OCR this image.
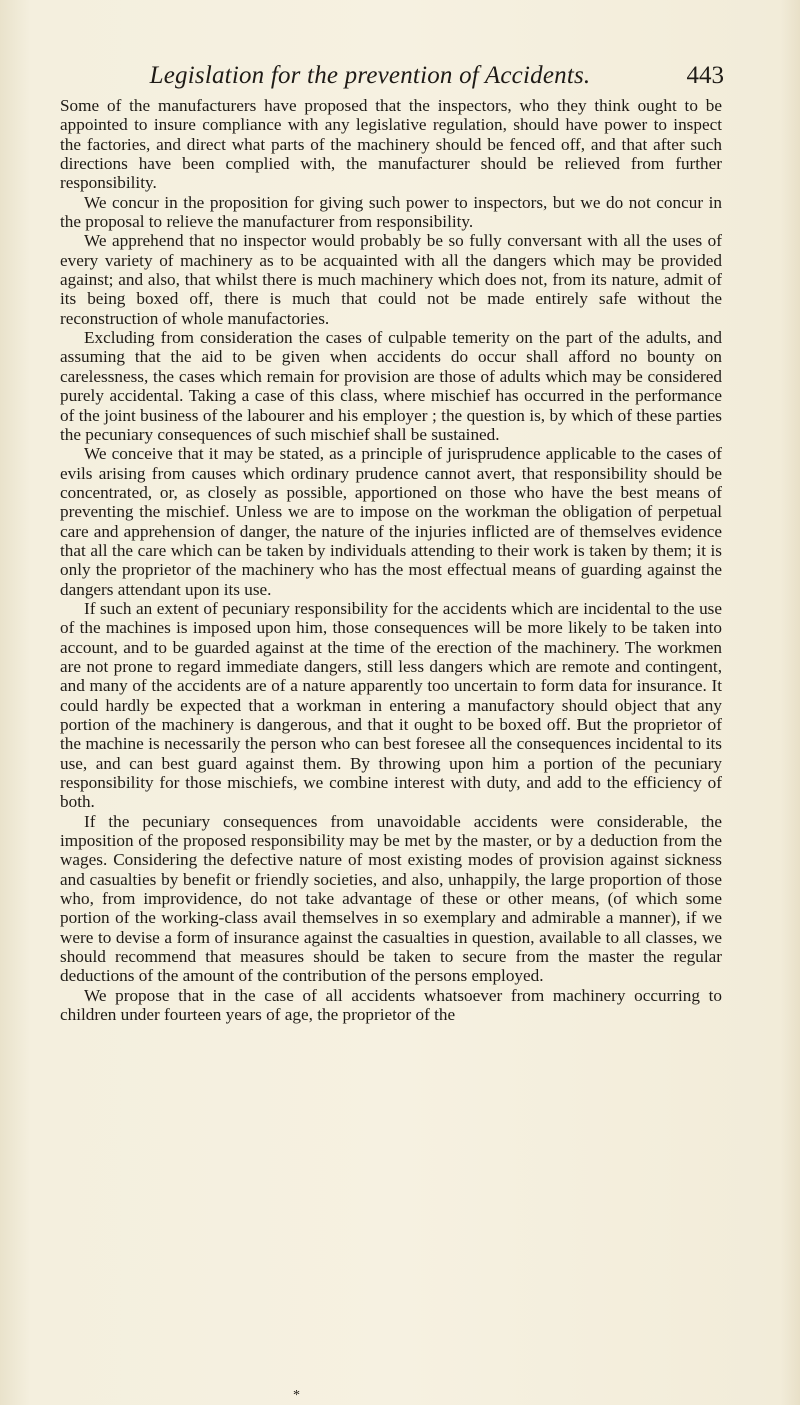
Legislation for the prevention of Accidents.	443

Some of the manufacturers have proposed that the inspectors, who they think ought to be appointed to insure compliance with any legislative regulation, should have power to inspect the factories, and direct what parts of the machinery should be fenced off, and that after such directions have been complied with, the manufacturer should be relieved from further responsibility.

We concur in the proposition for giving such power to inspectors, but we do not concur in the proposal to relieve the manufacturer from responsibility.

We apprehend that no inspector would probably be so fully conversant with all the uses of every variety of machinery as to be acquainted with all the dangers which may be provided against; and also, that whilst there is much machinery which does not, from its nature, admit of its being boxed off, there is much that could not be made entirely safe without the reconstruction of whole manufactories.

Excluding from consideration the cases of culpable temerity on the part of the adults, and assuming that the aid to be given when accidents do occur shall afford no bounty on carelessness, the cases which remain for provision are those of adults which may be considered purely accidental. Taking a case of this class, where mischief has occurred in the performance of the joint business of the labourer and his employer ; the question is, by which of these parties the pecuniary consequences of such mischief shall be sustained.

We conceive that it may be stated, as a principle of jurisprudence applicable to the cases of evils arising from causes which ordinary prudence cannot avert, that responsibility should be concentrated, or, as closely as possible, apportioned on those who have the best means of preventing the mischief. Unless we are to impose on the workman the obligation of perpetual care and apprehension of danger, the nature of the injuries inflicted are of themselves evidence that all the care which can be taken by individuals attending to their work is taken by them; it is only the proprietor of the machinery who has the most effectual means of guarding against the dangers attendant upon its use.

If such an extent of pecuniary responsibility for the accidents which are incidental to the use of the machines is imposed upon him, those consequences will be more likely to be taken into account, and to be guarded against at the time of the erection of the machinery. The workmen are not prone to regard immediate dangers, still less dangers which are remote and contingent, and many of the accidents are of a nature apparently too uncertain to form data for insurance. It could hardly be expected that a workman in entering a manufactory should object that any portion of the machinery is dangerous, and that it ought to be boxed off. But the proprietor of the machine is necessarily the person who can best foresee all the consequences incidental to its use, and can best guard against them. By throwing upon him a portion of the pecuniary responsibility for those mischiefs, we combine interest with duty, and add to the efficiency of both.

If the pecuniary consequences from unavoidable accidents were considerable, the imposition of the proposed responsibility may be met by the master, or by a deduction from the wages. Considering the defective nature of most existing modes of provision against sickness and casualties by benefit or friendly societies, and also, unhappily, the large proportion of those who, from improvidence, do not take advantage of these or other means, (of which some portion of the working-class avail themselves in so exemplary and admirable a manner), if we were to devise a form of insurance against the casualties in question, available to all classes, we should recommend that measures should be taken to secure from the master the regular deductions of the amount of the contribution of the persons employed.

We propose that in the case of all accidents whatsoever from machinery occurring to children under fourteen years of age, the proprietor of the

*
